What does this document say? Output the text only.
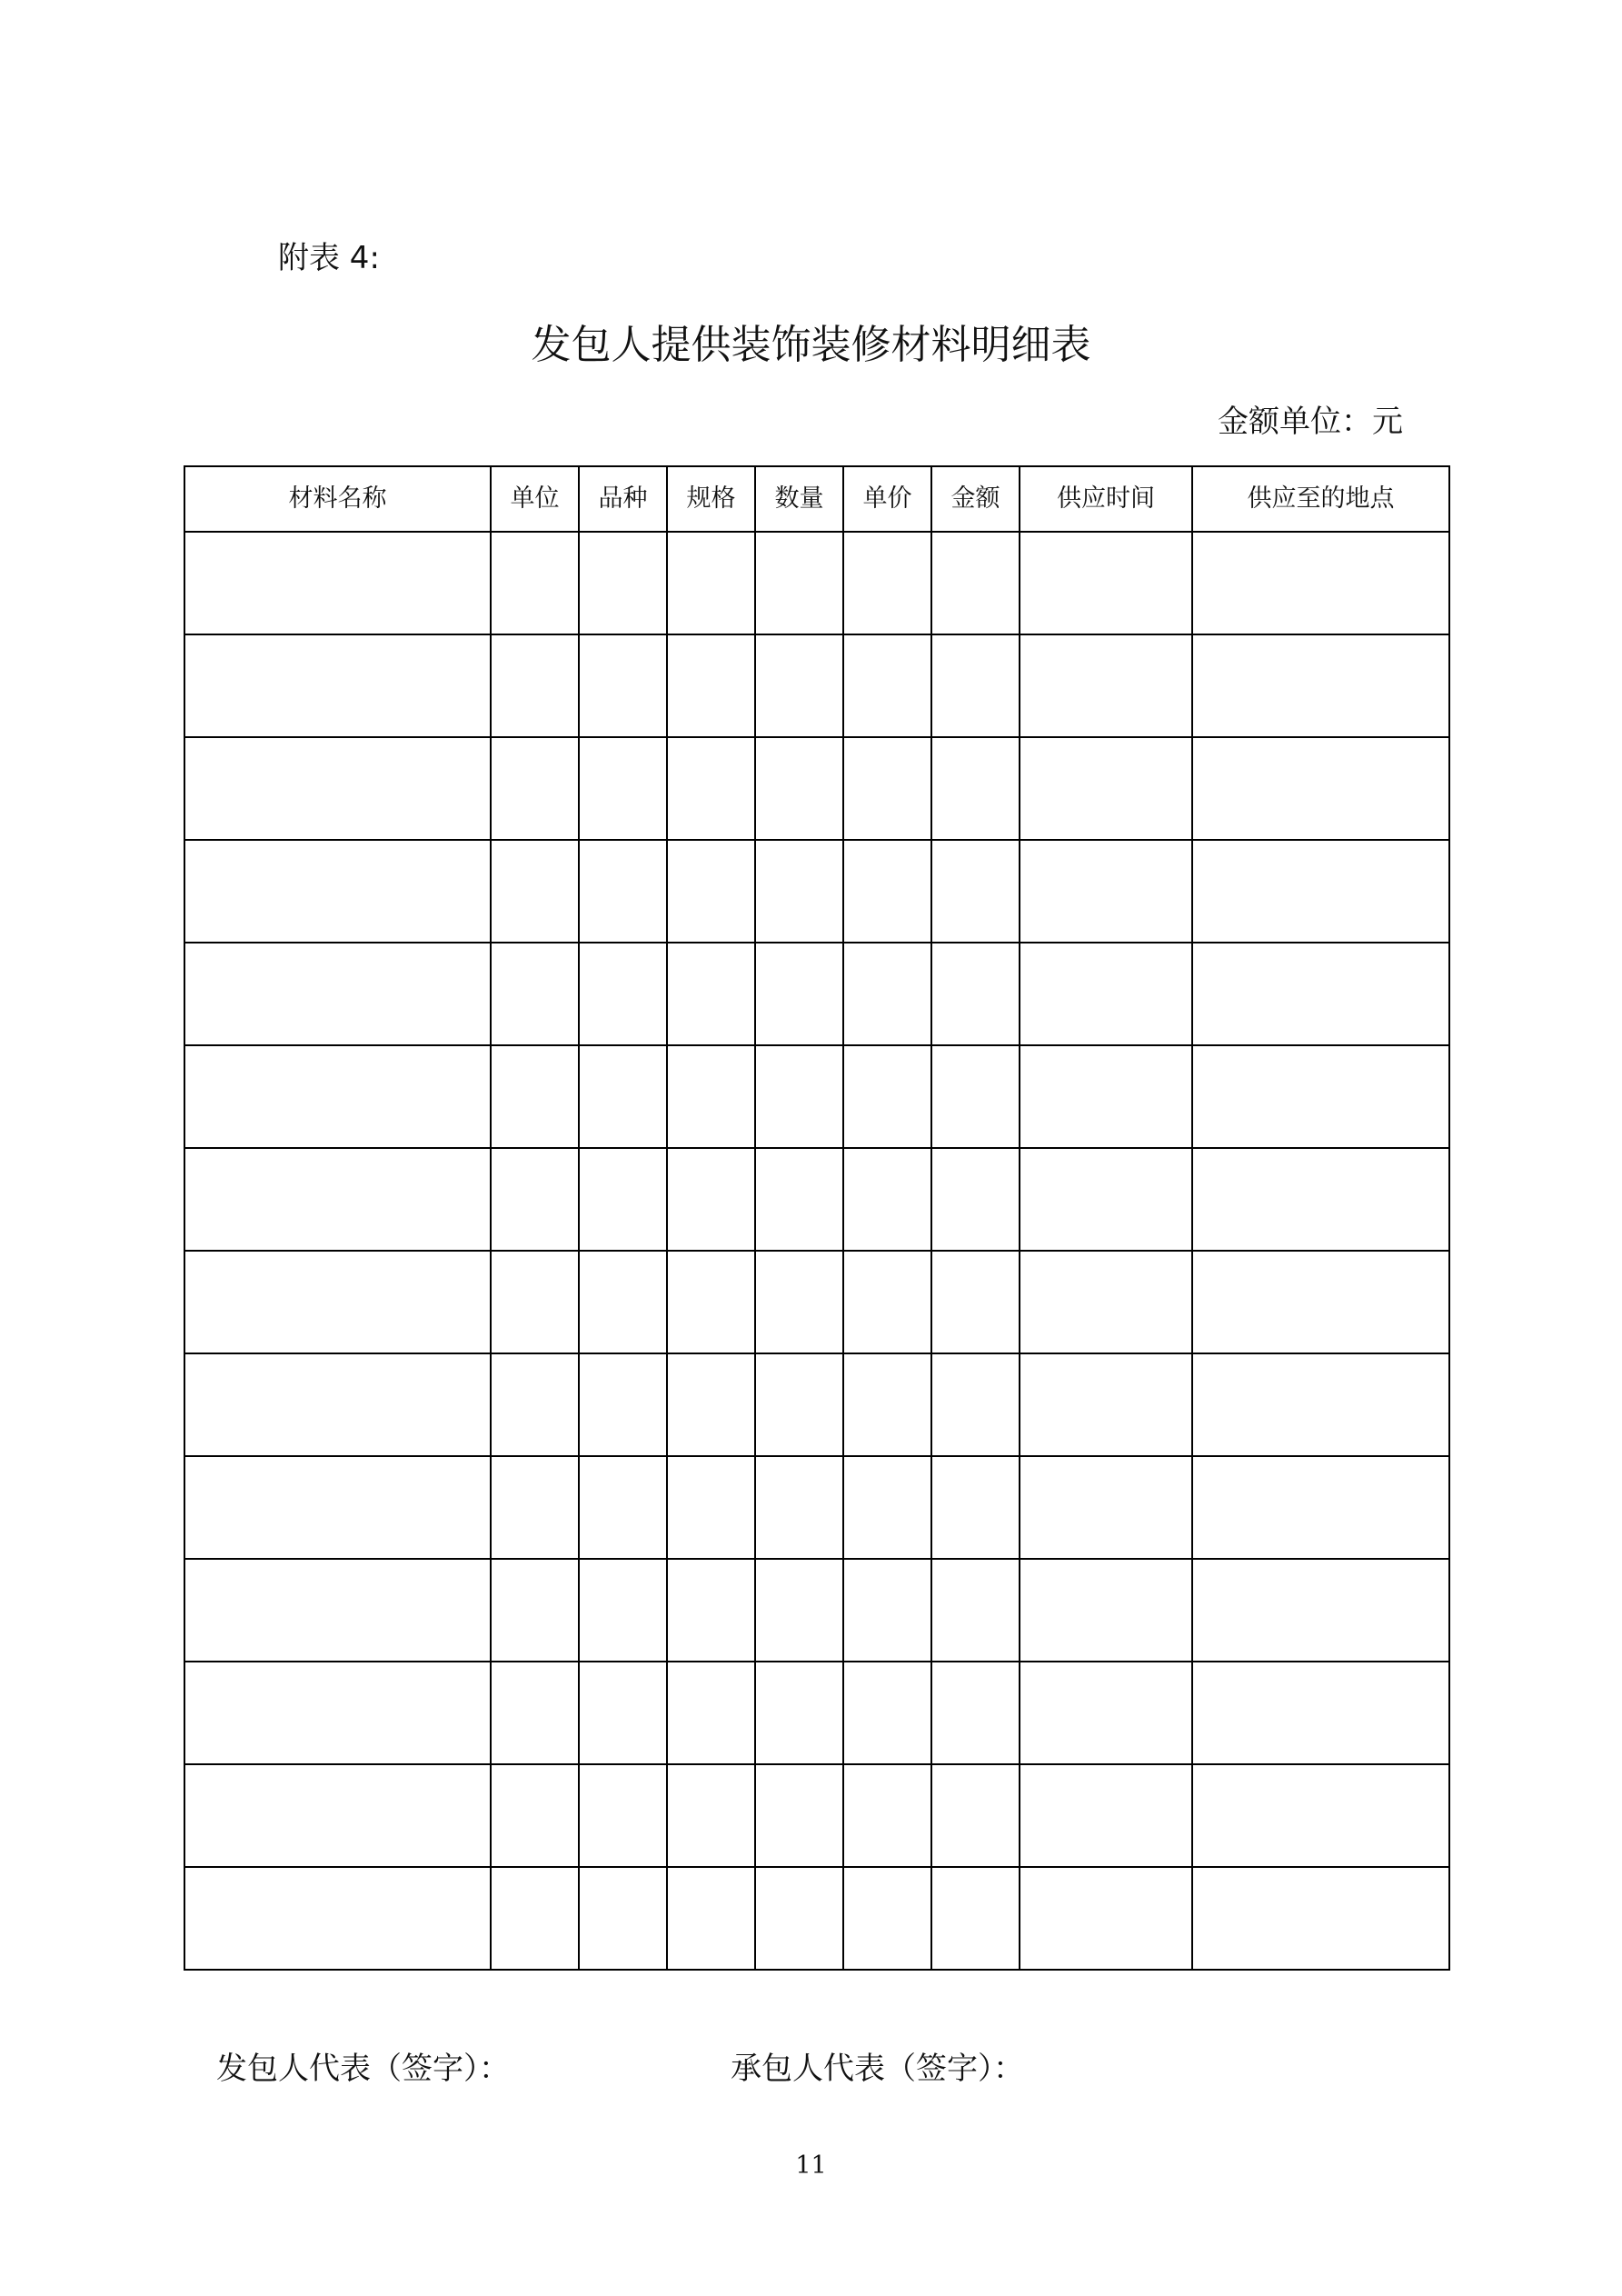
附表 4:
发包人提供装饰装修材料明细表
金额单位：元
材料名称	单位	品种	规格	数量	单价	金额	供应时间	供应至的地点

发包人代表（签字）：	承包人代表（签字）：
11
